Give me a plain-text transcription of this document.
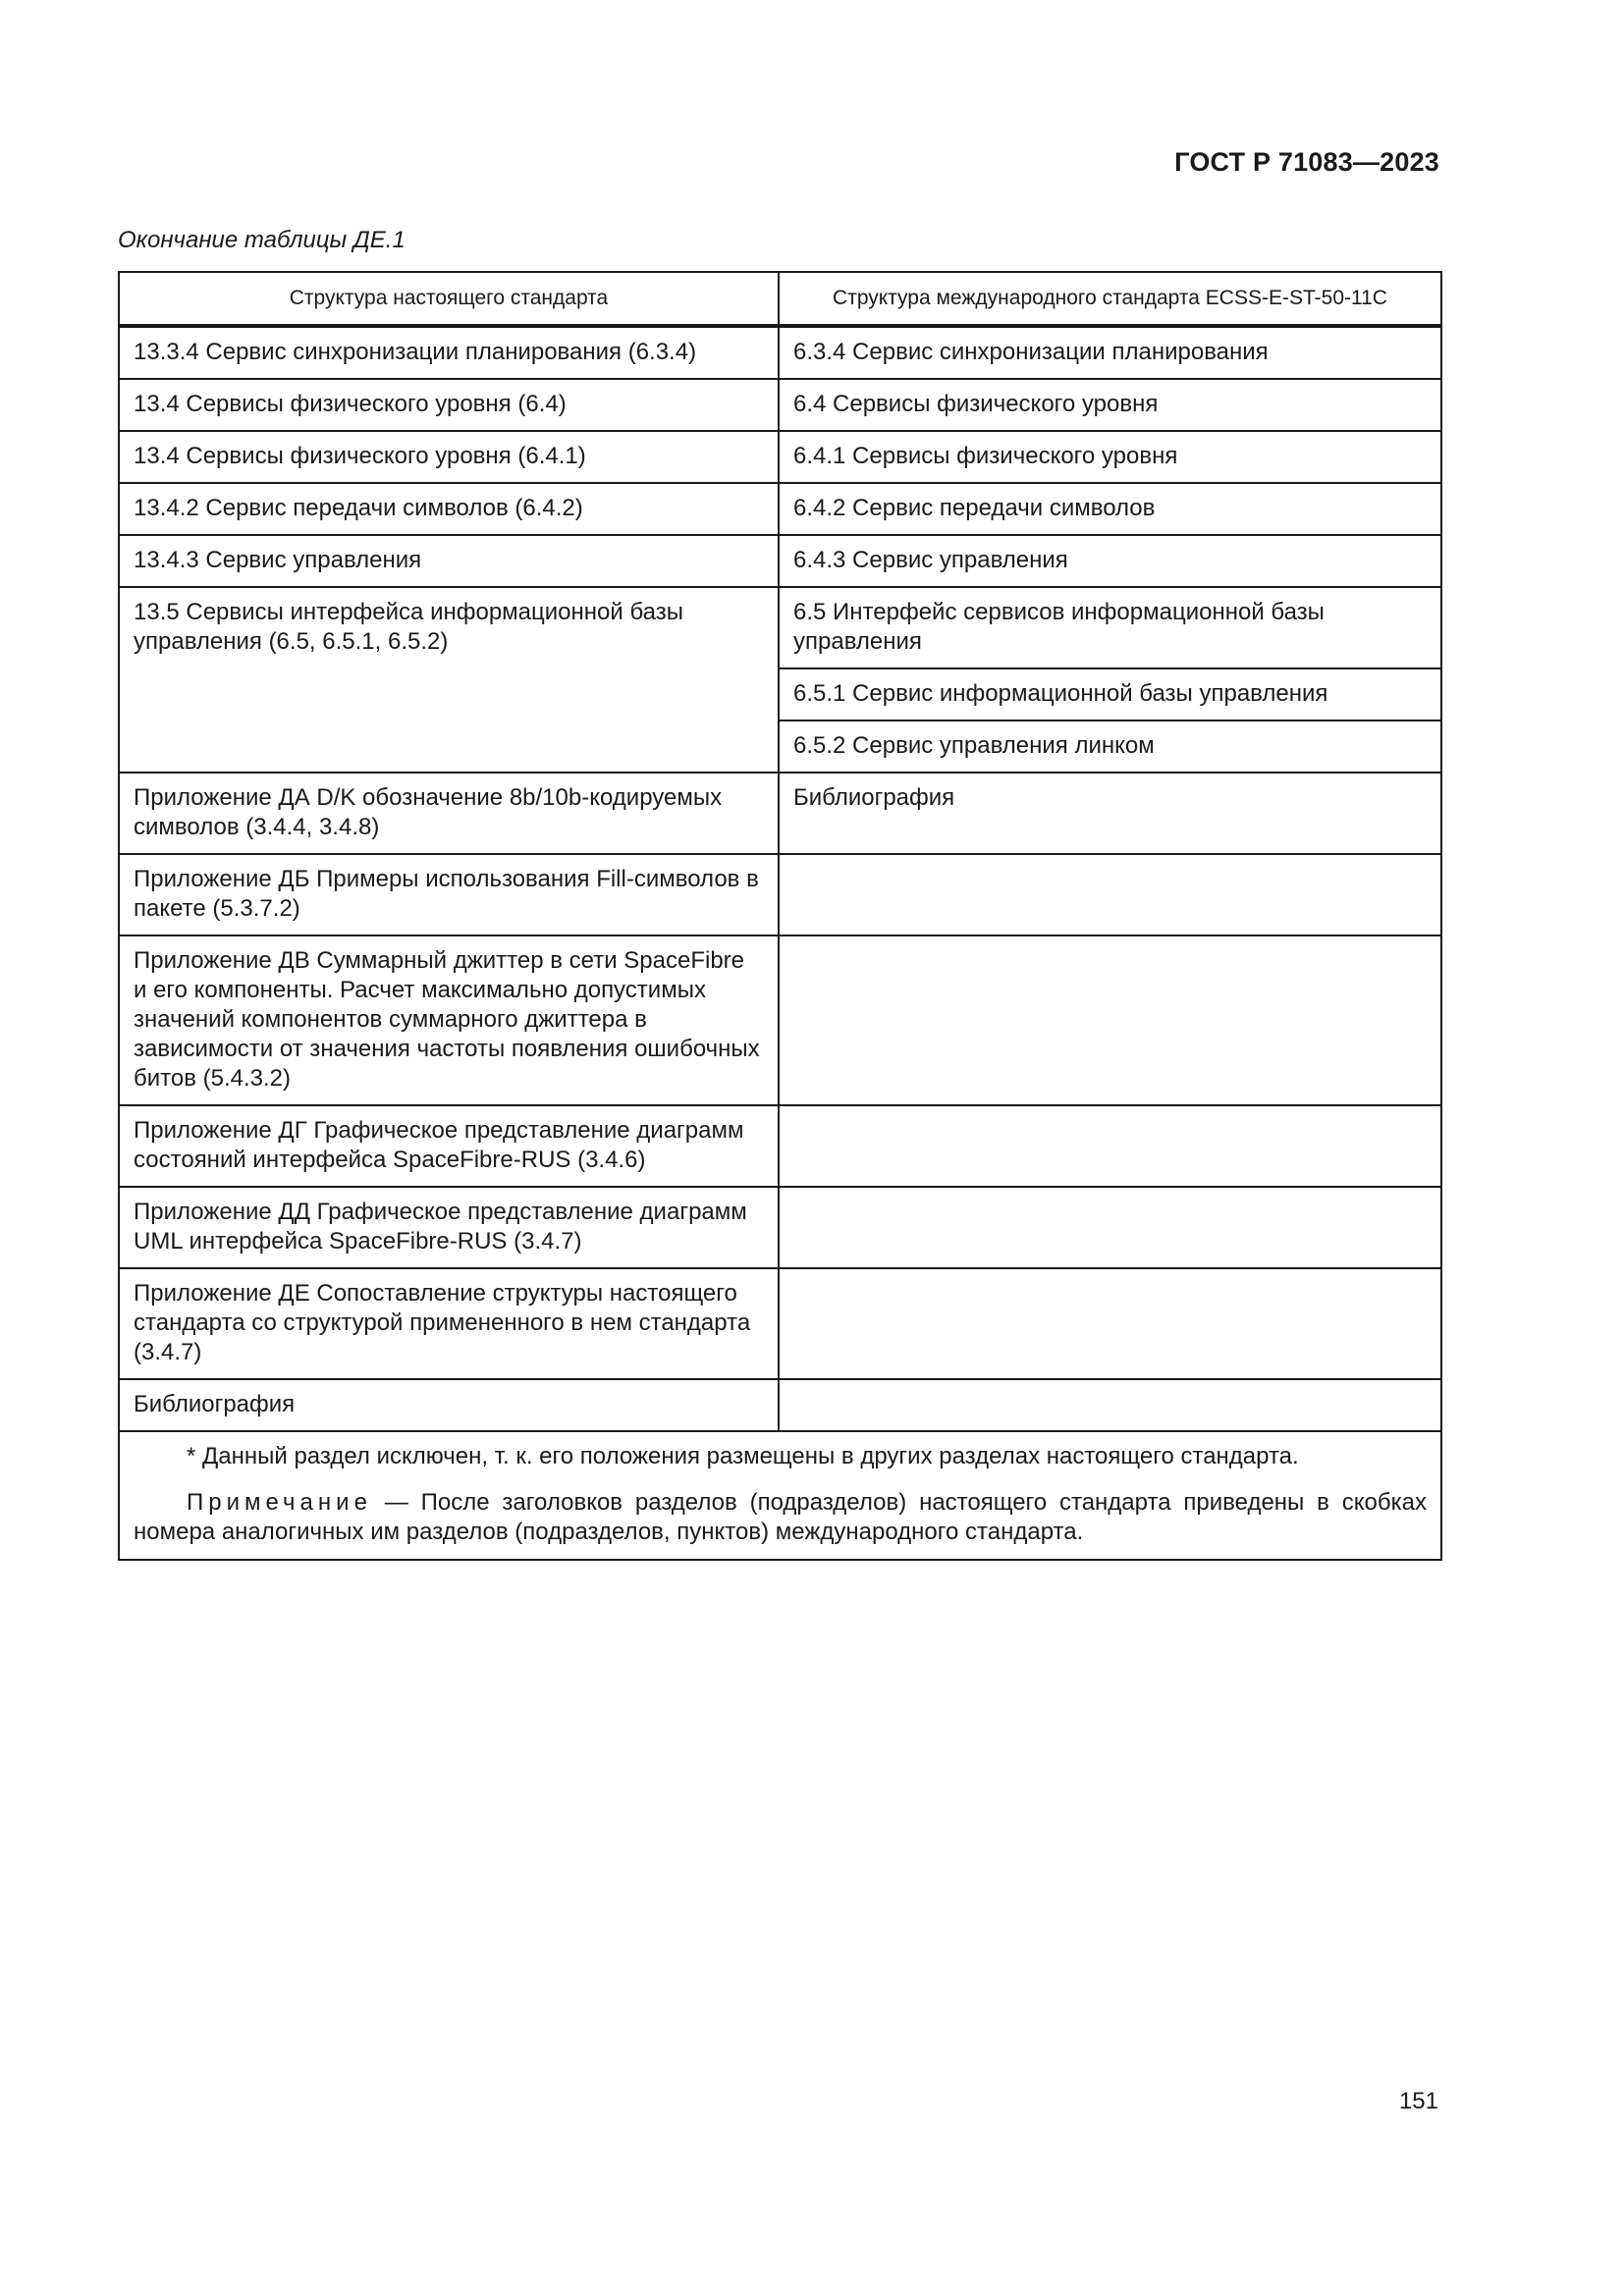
ГОСТ Р 71083—2023
Окончание таблицы ДЕ.1
Структура настоящего стандарта	Структура международного стандарта ECSS-E-ST-50-11C
13.3.4 Сервис синхронизации планирования (6.3.4)	6.3.4 Сервис синхронизации планирования
13.4 Сервисы физического уровня (6.4)	6.4 Сервисы физического уровня
13.4 Сервисы физического уровня (6.4.1)	6.4.1 Сервисы физического уровня
13.4.2 Сервис передачи символов (6.4.2)	6.4.2 Сервис передачи символов
13.4.3 Сервис управления	6.4.3 Сервис управления
13.5 Сервисы интерфейса информационной базы управления (6.5, 6.5.1, 6.5.2)	6.5 Интерфейс сервисов информационной базы управления
	6.5.1 Сервис информационной базы управления
	6.5.2 Сервис управления линком
Приложение ДА D/K обозначение 8b/10b-кодируемых символов (3.4.4, 3.4.8)	Библиография
Приложение ДБ Примеры использования Fill-символов в пакете (5.3.7.2)	
Приложение ДВ Суммарный джиттер в сети SpaceFibre и его компоненты. Расчет максимально допустимых значений компонентов суммарного джиттера в зависимости от значения частоты появления ошибочных битов (5.4.3.2)	
Приложение ДГ Графическое представление диаграмм состояний интерфейса SpaceFibre-RUS (3.4.6)	
Приложение ДД Графическое представление диаграмм UML интерфейса SpaceFibre-RUS (3.4.7)	
Приложение ДЕ Сопоставление структуры настоящего стандарта со структурой примененного в нем стандарта (3.4.7)	
Библиография	

* Данный раздел исключен, т. к. его положения размещены в других разделах настоящего стандарта.

Примечание — После заголовков разделов (подразделов) настоящего стандарта приведены в скобках номера аналогичных им разделов (подразделов, пунктов) международного стандарта.	

151
